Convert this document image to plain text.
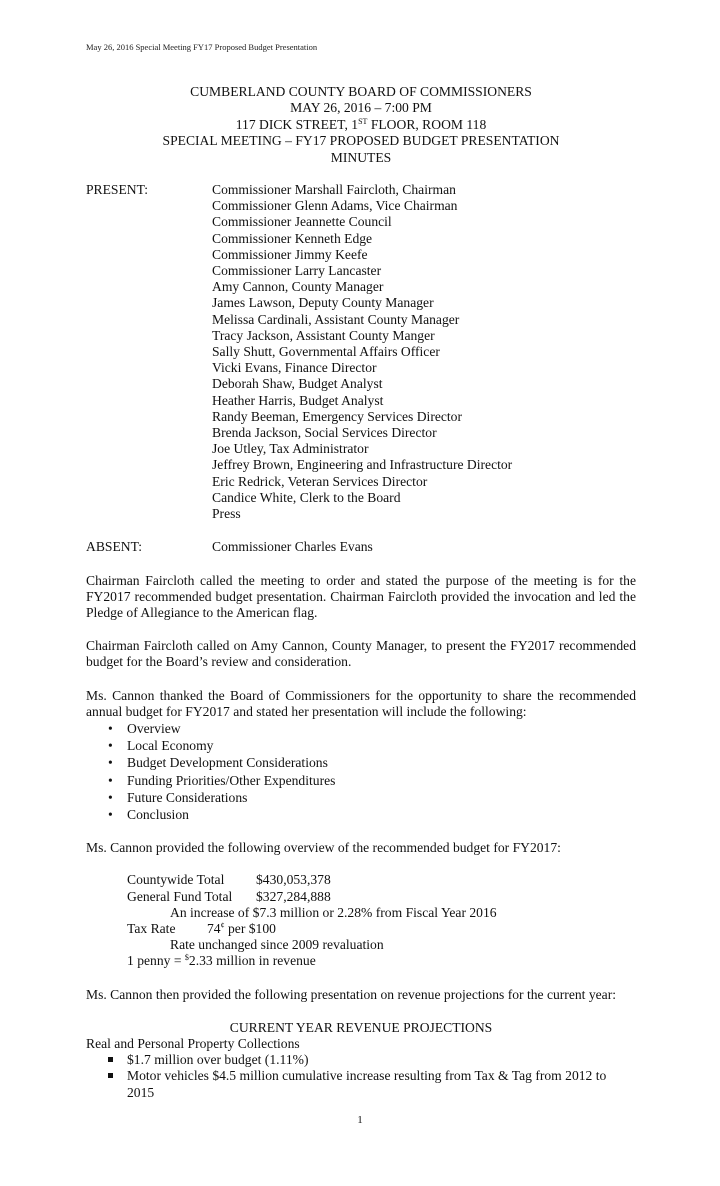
May 26, 2016 Special Meeting FY17 Proposed Budget Presentation
CUMBERLAND COUNTY BOARD OF COMMISSIONERS
MAY 26, 2016 – 7:00 PM
117 DICK STREET, 1ST FLOOR, ROOM 118
SPECIAL MEETING – FY17 PROPOSED BUDGET PRESENTATION
MINUTES
PRESENT:	Commissioner Marshall Faircloth, Chairman
Commissioner Glenn Adams, Vice Chairman
Commissioner Jeannette Council
Commissioner Kenneth Edge
Commissioner Jimmy Keefe
Commissioner Larry Lancaster
Amy Cannon, County Manager
James Lawson, Deputy County Manager
Melissa Cardinali, Assistant County Manager
Tracy Jackson, Assistant County Manger
Sally Shutt, Governmental Affairs Officer
Vicki Evans, Finance Director
Deborah Shaw, Budget Analyst
Heather Harris, Budget Analyst
Randy Beeman, Emergency Services Director
Brenda Jackson, Social Services Director
Joe Utley, Tax Administrator
Jeffrey Brown, Engineering and Infrastructure Director
Eric Redrick, Veteran Services Director
Candice White, Clerk to the Board
Press
ABSENT:	Commissioner Charles Evans

Chairman Faircloth called the meeting to order and stated the purpose of the meeting is for the FY2017 recommended budget presentation. Chairman Faircloth provided the invocation and led the Pledge of Allegiance to the American flag.

Chairman Faircloth called on Amy Cannon, County Manager, to present the FY2017 recommended budget for the Board’s review and consideration.

Ms. Cannon thanked the Board of Commissioners for the opportunity to share the recommended annual budget for FY2017 and stated her presentation will include the following:

• Overview
• Local Economy
• Budget Development Considerations
• Funding Priorities/Other Expenditures
• Future Considerations
• Conclusion

Ms. Cannon provided the following overview of the recommended budget for FY2017:

Countywide Total	$430,053,378
General Fund Total	$327,284,888
An increase of $7.3 million or 2.28% from Fiscal Year 2016
Tax Rate	74¢ per $100
Rate unchanged since 2009 revaluation
1 penny = $2.33 million in revenue

Ms. Cannon then provided the following presentation on revenue projections for the current year:

CURRENT YEAR REVENUE PROJECTIONS
Real and Personal Property Collections
$1.7 million over budget (1.11%)
Motor vehicles $4.5 million cumulative increase resulting from Tax & Tag from 2012 to 2015
1
